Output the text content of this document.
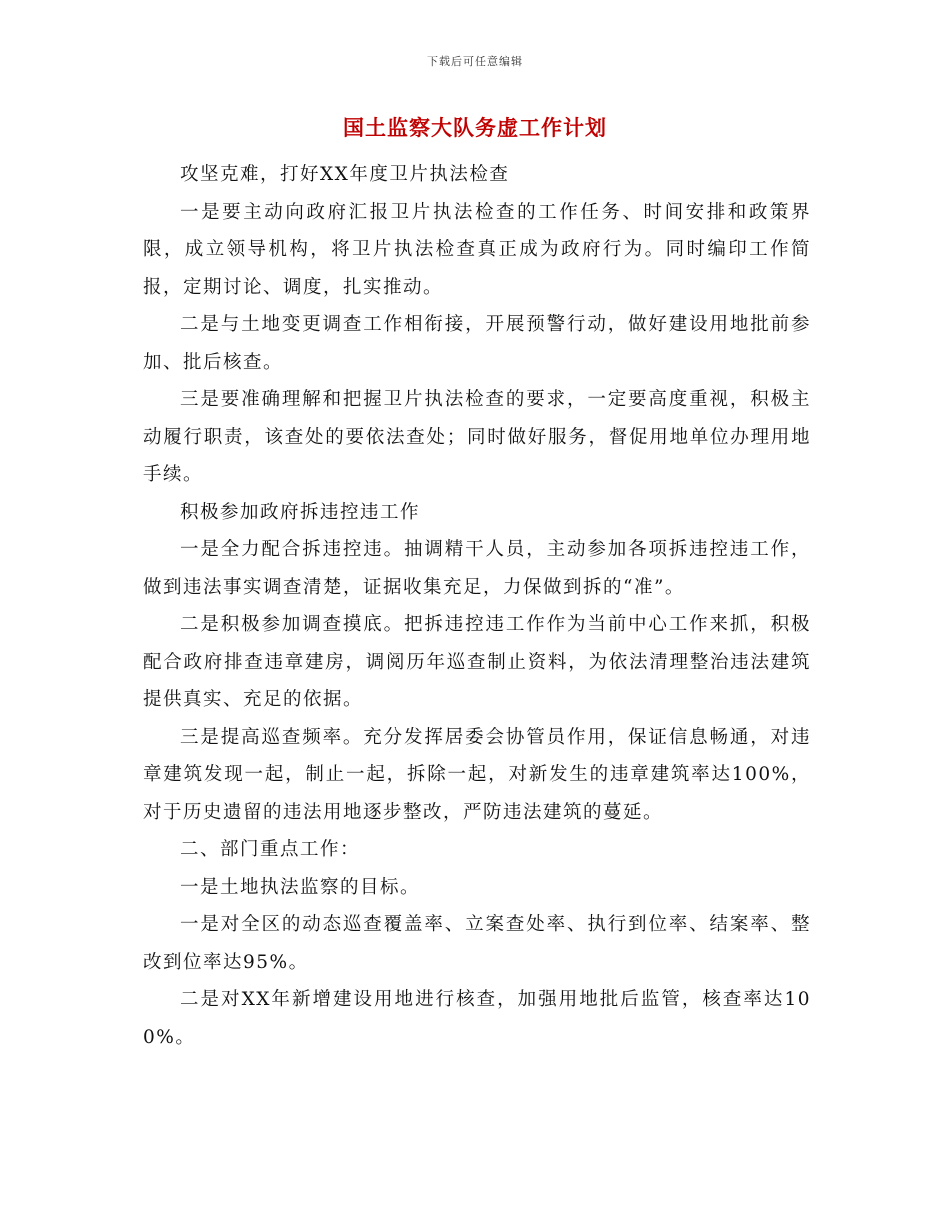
下载后可任意编辑
国土监察大队务虚工作计划

攻坚克难，打好XX年度卫片执法检查

一是要主动向政府汇报卫片执法检查的工作任务、时间安排和政策界限，成立领导机构，将卫片执法检查真正成为政府行为。同时编印工作简报，定期讨论、调度，扎实推动。

二是与土地变更调查工作相衔接，开展预警行动，做好建设用地批前参加、批后核查。

三是要准确理解和把握卫片执法检查的要求，一定要高度重视，积极主动履行职责，该查处的要依法查处；同时做好服务，督促用地单位办理用地手续。

积极参加政府拆违控违工作

一是全力配合拆违控违。抽调精干人员，主动参加各项拆违控违工作，做到违法事实调查清楚，证据收集充足，力保做到拆的“准”。

二是积极参加调查摸底。把拆违控违工作作为当前中心工作来抓，积极配合政府排查违章建房，调阅历年巡查制止资料，为依法清理整治违法建筑提供真实、充足的依据。

三是提高巡查频率。充分发挥居委会协管员作用，保证信息畅通，对违章建筑发现一起，制止一起，拆除一起，对新发生的违章建筑率达100%，对于历史遗留的违法用地逐步整改，严防违法建筑的蔓延。

二、部门重点工作：

一是土地执法监察的目标。

一是对全区的动态巡查覆盖率、立案查处率、执行到位率、结案率、整改到位率达95%。

二是对XX年新增建设用地进行核查，加强用地批后监管，核查率达100%。
